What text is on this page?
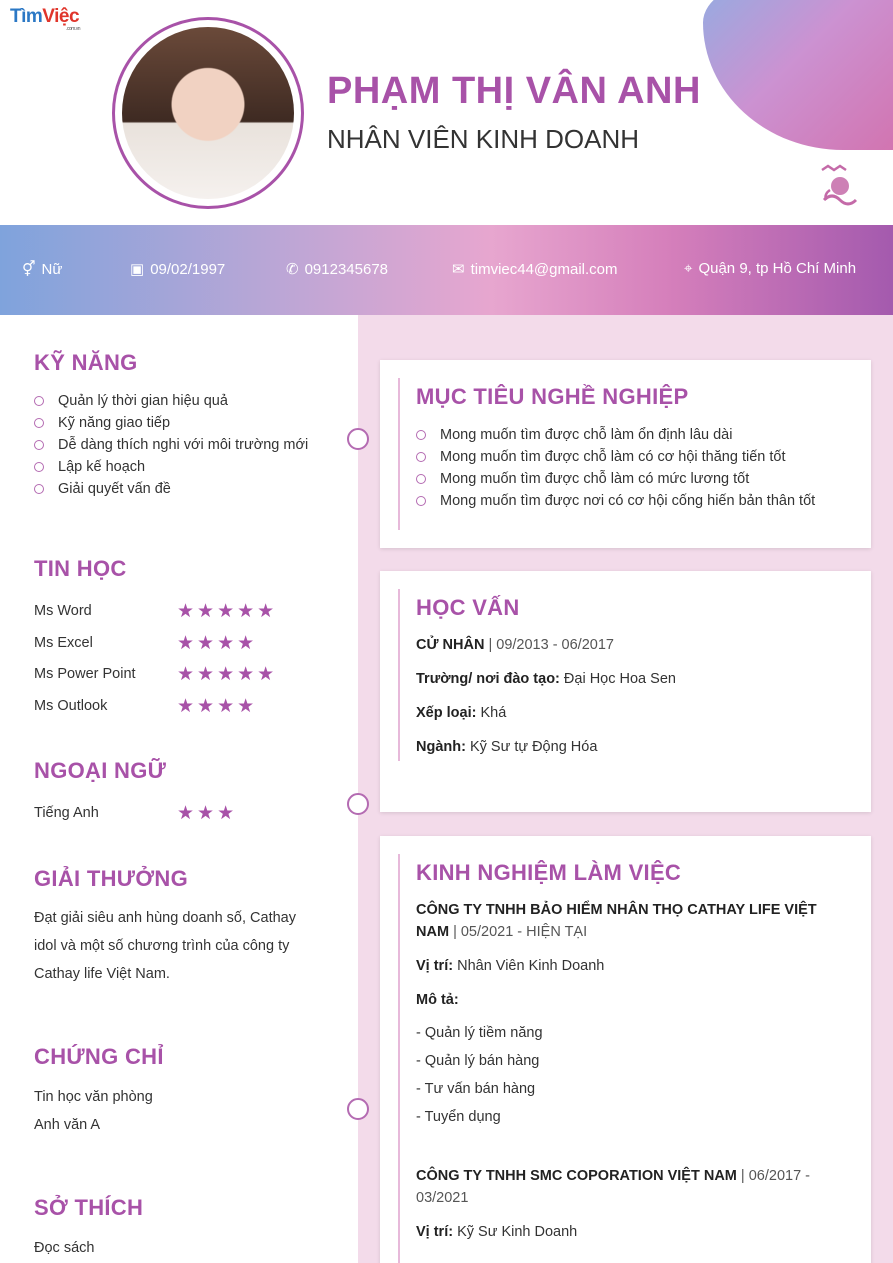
TìmViệc
.com.vn
PHẠM THỊ VÂN ANH
NHÂN VIÊN KINH DOANH
⚥ Nữ	▣ 09/02/1997	✆ 0912345678	✉ timviec44@gmail.com	⌖ Quận 9, tp Hồ Chí Minh
KỸ NĂNG
Quản lý thời gian hiệu quả
Kỹ năng giao tiếp
Dễ dàng thích nghi với môi trường mới
Lập kế hoạch
Giải quyết vấn đề
TIN HỌC
Ms Word	★★★★★
Ms Excel	★★★★
Ms Power Point	★★★★★
Ms Outlook	★★★★
NGOẠI NGỮ
Tiếng Anh	★★★
GIẢI THƯỞNG
Đạt giải siêu anh hùng doanh số, Cathay
idol và một số chương trình của công ty
Cathay life Việt Nam.
CHỨNG CHỈ
Tin học văn phòng
Anh văn A
SỞ THÍCH
Đọc sách
MỤC TIÊU NGHỀ NGHIỆP
Mong muốn tìm được chỗ làm ổn định lâu dài
Mong muốn tìm được chỗ làm có cơ hội thăng tiến tốt
Mong muốn tìm được chỗ làm có mức lương tốt
Mong muốn tìm được nơi có cơ hội cống hiến bản thân tốt
HỌC VẤN
CỬ NHÂN | 09/2013 - 06/2017
Trường/ nơi đào tạo: Đại Học Hoa Sen
Xếp loại: Khá
Ngành: Kỹ Sư tự Động Hóa
KINH NGHIỆM LÀM VIỆC
CÔNG TY TNHH BẢO HIỂM NHÂN THỌ CATHAY LIFE VIỆT
NAM | 05/2021 - HIỆN TẠI
Vị trí: Nhân Viên Kinh Doanh
Mô tả:
- Quản lý tiềm năng
- Quản lý bán hàng
- Tư vấn bán hàng
- Tuyển dụng
CÔNG TY TNHH SMC COPORATION VIỆT NAM | 06/2017 -
03/2021
Vị trí: Kỹ Sư Kinh Doanh
